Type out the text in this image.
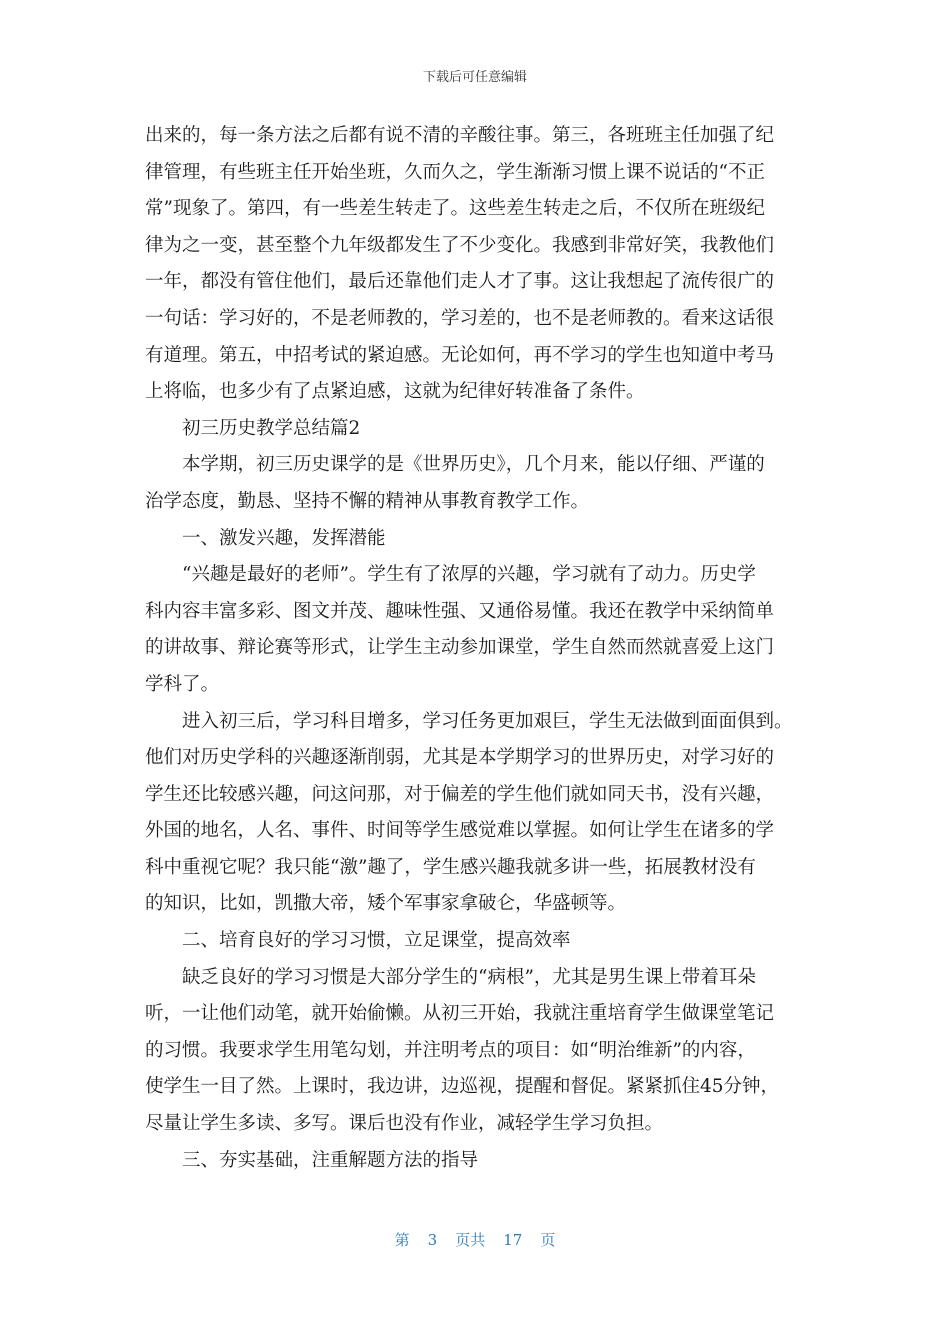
下载后可任意编辑
出来的，每一条方法之后都有说不清的辛酸往事。第三，各班班主任加强了纪
律管理，有些班主任开始坐班，久而久之，学生渐渐习惯上课不说话的“不正
常”现象了。第四，有一些差生转走了。这些差生转走之后，不仅所在班级纪
律为之一变，甚至整个九年级都发生了不少变化。我感到非常好笑，我教他们
一年，都没有管住他们，最后还靠他们走人才了事。这让我想起了流传很广的
一句话：学习好的，不是老师教的，学习差的，也不是老师教的。看来这话很
有道理。第五，中招考试的紧迫感。无论如何，再不学习的学生也知道中考马
上将临，也多少有了点紧迫感，这就为纪律好转准备了条件。
初三历史教学总结篇2
本学期，初三历史课学的是《世界历史》，几个月来，能以仔细、严谨的
治学态度，勤恳、坚持不懈的精神从事教育教学工作。
一、激发兴趣，发挥潜能
“兴趣是最好的老师”。学生有了浓厚的兴趣，学习就有了动力。历史学
科内容丰富多彩、图文并茂、趣味性强、又通俗易懂。我还在教学中采纳简单
的讲故事、辩论赛等形式，让学生主动参加课堂，学生自然而然就喜爱上这门
学科了。
进入初三后，学习科目增多，学习任务更加艰巨，学生无法做到面面俱到。
他们对历史学科的兴趣逐渐削弱，尤其是本学期学习的世界历史，对学习好的
学生还比较感兴趣，问这问那，对于偏差的学生他们就如同天书，没有兴趣，
外国的地名，人名、事件、时间等学生感觉难以掌握。如何让学生在诸多的学
科中重视它呢？我只能“激”趣了，学生感兴趣我就多讲一些，拓展教材没有
的知识，比如，凯撒大帝，矮个军事家拿破仑，华盛顿等。
二、培育良好的学习习惯，立足课堂，提高效率
缺乏良好的学习习惯是大部分学生的“病根”，尤其是男生课上带着耳朵
听，一让他们动笔，就开始偷懒。从初三开始，我就注重培育学生做课堂笔记
的习惯。我要求学生用笔勾划，并注明考点的项目：如“明治维新”的内容，
使学生一目了然。上课时，我边讲，边巡视，提醒和督促。紧紧抓住45分钟，
尽量让学生多读、多写。课后也没有作业，减轻学生学习负担。
三、夯实基础，注重解题方法的指导
第 3 页共 17 页
